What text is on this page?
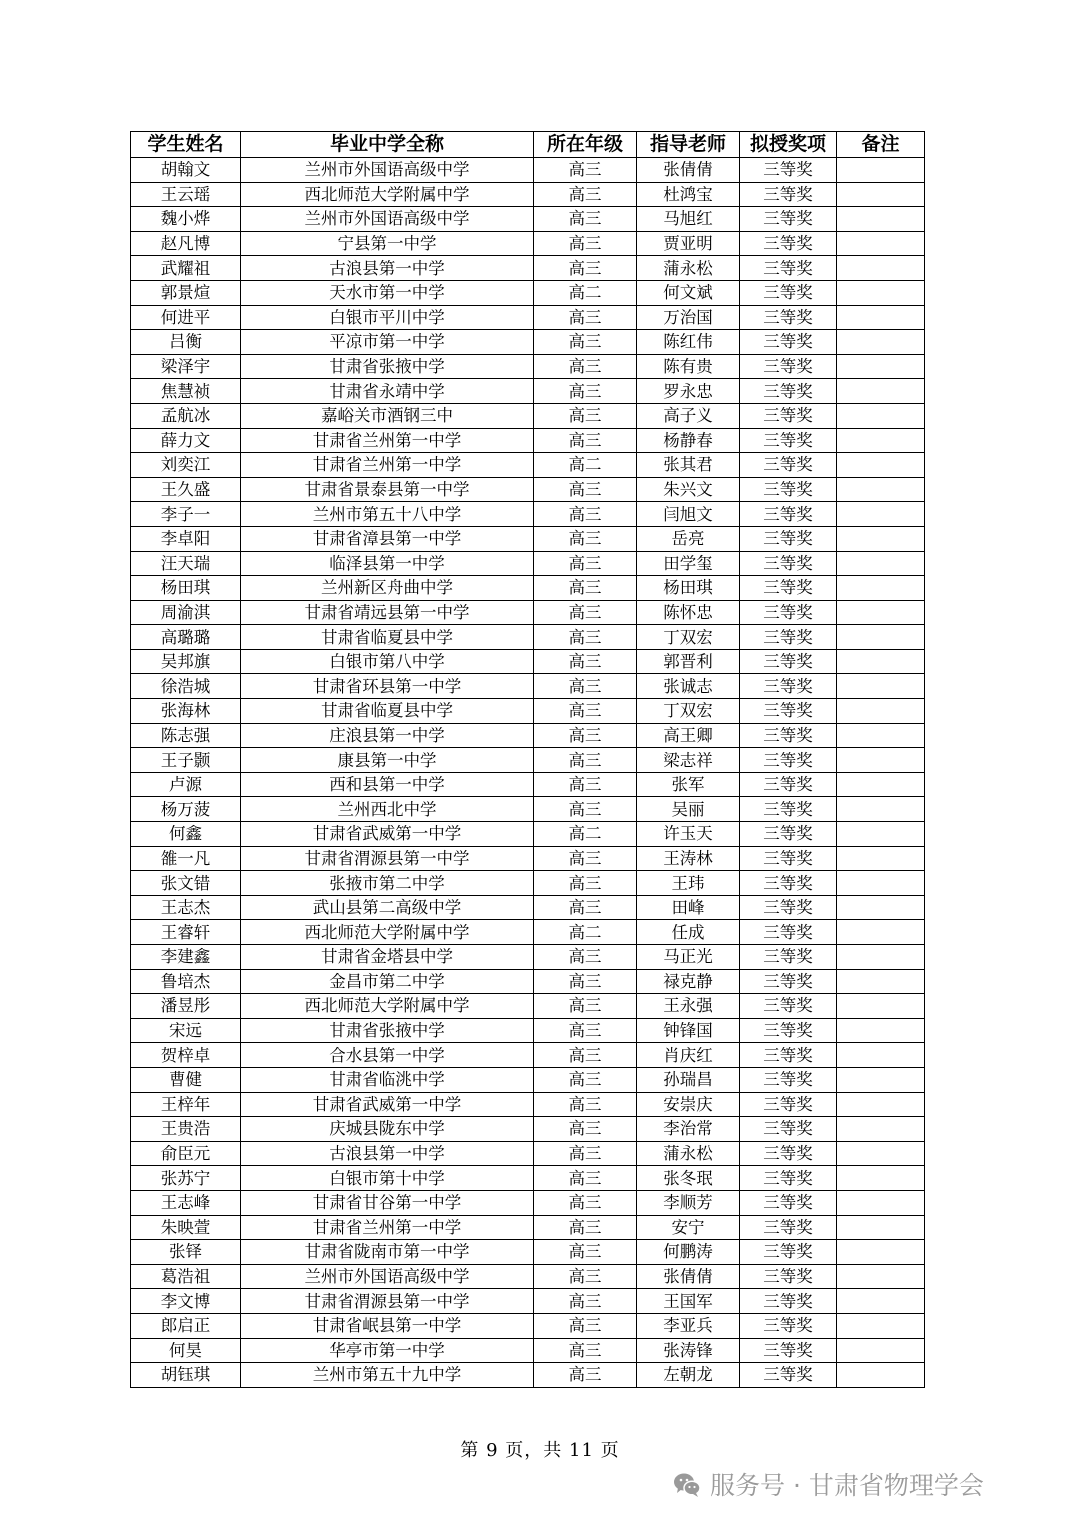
学生姓名	毕业中学全称	所在年级	指导老师	拟授奖项	备注
胡翰文	兰州市外国语高级中学	高三	张倩倩	三等奖	
王云瑶	西北师范大学附属中学	高三	杜鸿宝	三等奖	
魏小烨	兰州市外国语高级中学	高三	马旭红	三等奖	
赵凡博	宁县第一中学	高三	贾亚明	三等奖	
武耀祖	古浪县第一中学	高三	蒲永松	三等奖	
郭景煊	天水市第一中学	高二	何文斌	三等奖	
何进平	白银市平川中学	高三	万治国	三等奖	
吕衡	平凉市第一中学	高三	陈红伟	三等奖	
梁泽宇	甘肃省张掖中学	高三	陈有贵	三等奖	
焦慧祯	甘肃省永靖中学	高三	罗永忠	三等奖	
孟航冰	嘉峪关市酒钢三中	高三	高子义	三等奖	
薛力文	甘肃省兰州第一中学	高三	杨静春	三等奖	
刘奕江	甘肃省兰州第一中学	高二	张其君	三等奖	
王久盛	甘肃省景泰县第一中学	高三	朱兴文	三等奖	
李子一	兰州市第五十八中学	高三	闫旭文	三等奖	
李卓阳	甘肃省漳县第一中学	高三	岳亮	三等奖	
汪天瑞	临泽县第一中学	高三	田学玺	三等奖	
杨田琪	兰州新区舟曲中学	高三	杨田琪	三等奖	
周渝淇	甘肃省靖远县第一中学	高三	陈怀忠	三等奖	
高璐璐	甘肃省临夏县中学	高三	丁双宏	三等奖	
吴邦旗	白银市第八中学	高三	郭晋利	三等奖	
徐浩城	甘肃省环县第一中学	高三	张诚志	三等奖	
张海林	甘肃省临夏县中学	高三	丁双宏	三等奖	
陈志强	庄浪县第一中学	高三	高王卿	三等奖	
王子颢	康县第一中学	高三	梁志祥	三等奖	
卢源	西和县第一中学	高三	张军	三等奖	
杨万菠	兰州西北中学	高三	吴丽	三等奖	
何鑫	甘肃省武威第一中学	高二	许玉天	三等奖	
雒一凡	甘肃省渭源县第一中学	高三	王涛林	三等奖	
张文错	张掖市第二中学	高三	王玮	三等奖	
王志杰	武山县第二高级中学	高三	田峰	三等奖	
王睿轩	西北师范大学附属中学	高二	任成	三等奖	
李建鑫	甘肃省金塔县中学	高三	马正光	三等奖	
鲁培杰	金昌市第二中学	高三	禄克静	三等奖	
潘昱彤	西北师范大学附属中学	高三	王永强	三等奖	
宋远	甘肃省张掖中学	高三	钟锋国	三等奖	
贺梓卓	合水县第一中学	高三	肖庆红	三等奖	
曹健	甘肃省临洮中学	高三	孙瑞昌	三等奖	
王梓年	甘肃省武威第一中学	高三	安崇庆	三等奖	
王贵浩	庆城县陇东中学	高三	李治常	三等奖	
俞臣元	古浪县第一中学	高三	蒲永松	三等奖	
张苏宁	白银市第十中学	高三	张冬珉	三等奖	
王志峰	甘肃省甘谷第一中学	高三	李顺芳	三等奖	
朱映萱	甘肃省兰州第一中学	高三	安宁	三等奖	
张铎	甘肃省陇南市第一中学	高三	何鹏涛	三等奖	
葛浩祖	兰州市外国语高级中学	高三	张倩倩	三等奖	
李文博	甘肃省渭源县第一中学	高三	王国军	三等奖	
郎启正	甘肃省岷县第一中学	高三	李亚兵	三等奖	
何昊	华亭市第一中学	高三	张涛锋	三等奖	
胡钰琪	兰州市第五十九中学	高三	左朝龙	三等奖	
第 9 页，共 11 页
服务号 · 甘肃省物理学会
